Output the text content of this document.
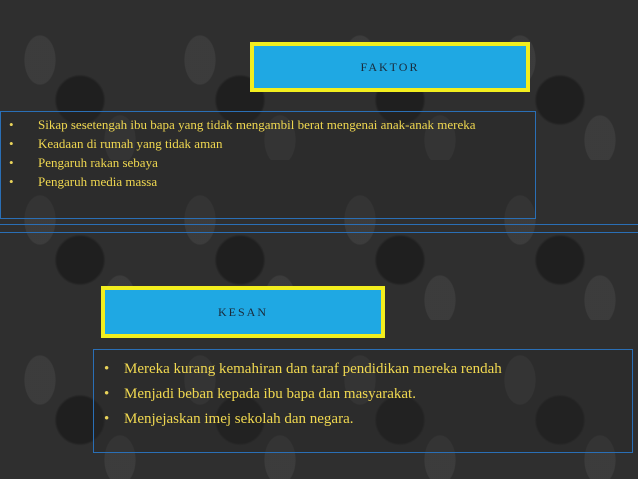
FAKTOR
• Sikap sesetengah ibu bapa yang tidak mengambil berat mengenai anak-anak mereka
• Keadaan di rumah yang tidak aman
• Pengaruh rakan sebaya
• Pengaruh media massa
KESAN
• Mereka kurang kemahiran dan taraf pendidikan mereka rendah
• Menjadi beban kepada ibu bapa dan masyarakat.
• Menjejaskan imej sekolah dan negara.
